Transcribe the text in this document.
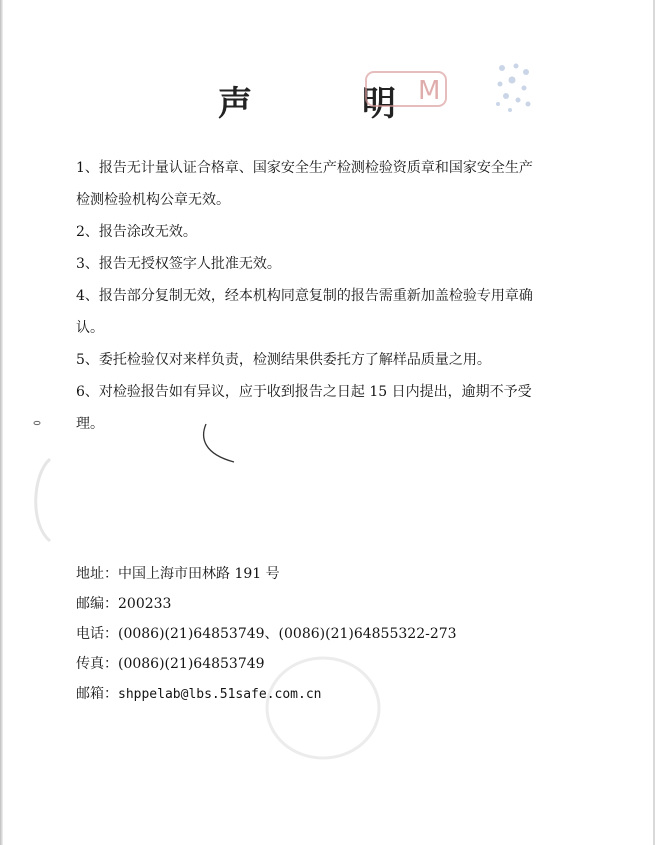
声	明 M

1、报告无计量认证合格章、国家安全生产检测检验资质章和国家安全生产检测检验机构公章无效。

2、报告涂改无效。

3、报告无授权签字人批准无效。

4、报告部分复制无效，经本机构同意复制的报告需重新加盖检验专用章确认。

5、委托检验仅对来样负责，检测结果供委托方了解样品质量之用。

6、对检验报告如有异议，应于收到报告之日起 15 日内提出，逾期不予受理。

地址：中国上海市田林路 191 号

邮编：200233

电话：(0086)(21)64853749、(0086)(21)64855322-273

传真：(0086)(21)64853749

邮箱：shppelab@lbs.51safe.com.cn
